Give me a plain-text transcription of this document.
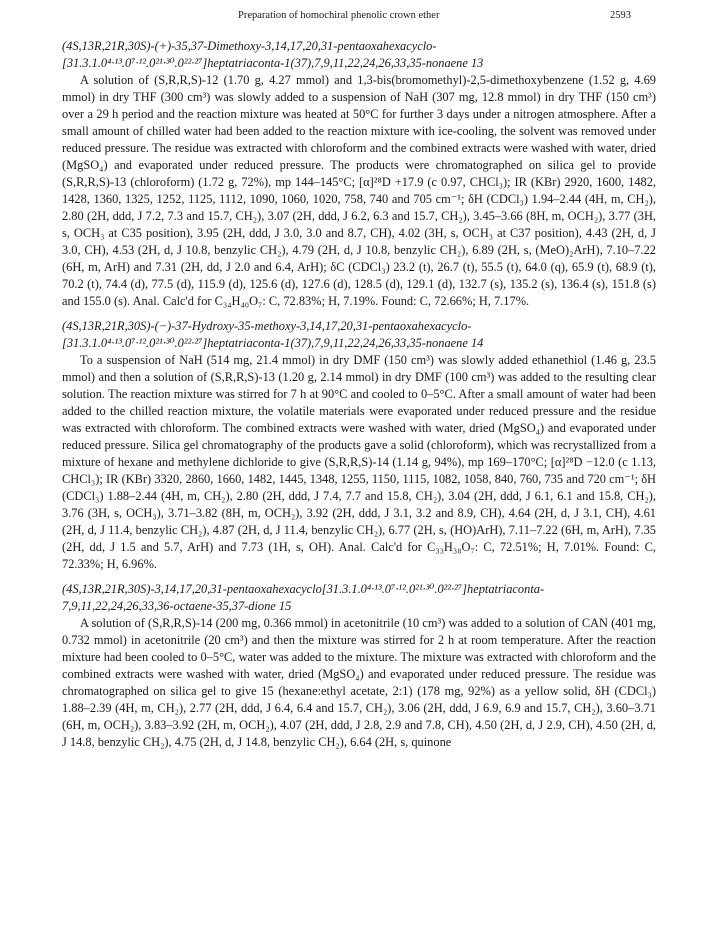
Preparation of homochiral phenolic crown ether	2593

(4S,13R,21R,30S)-(+)-35,37-Dimethoxy-3,14,17,20,31-pentaoxahexacyclo-

[31.3.1.0⁴·¹³.0⁷·¹².0²¹·³⁰.0²²·²⁷]heptatriaconta-1(37),7,9,11,22,24,26,33,35-nonaene 13

A solution of (S,R,R,S)-12 (1.70 g, 4.27 mmol) and 1,3-bis(bromomethyl)-2,5-dimethoxybenzene (1.52 g, 4.69 mmol) in dry THF (300 cm³) was slowly added to a suspension of NaH (307 mg, 12.8 mmol) in dry THF (150 cm³) over a 29 h period and the reaction mixture was heated at 50°C for further 3 days under a nitrogen atmosphere. After a small amount of chilled water had been added to the reaction mixture with ice-cooling, the solvent was removed under reduced pressure. The residue was extracted with chloroform and the combined extracts were washed with water, dried (MgSO₄) and evaporated under reduced pressure. The products were chromatographed on silica gel to provide (S,R,R,S)-13 (chloroform) (1.72 g, 72%), mp 144–145°C; [α]²⁸D +17.9 (c 0.97, CHCl₃); IR (KBr) 2920, 1600, 1482, 1428, 1360, 1325, 1252, 1125, 1112, 1090, 1060, 1020, 758, 740 and 705 cm⁻¹; δH (CDCl₃) 1.94–2.44 (4H, m, CH₂), 2.80 (2H, ddd, J 7.2, 7.3 and 15.7, CH₂), 3.07 (2H, ddd, J 6.2, 6.3 and 15.7, CH₂), 3.45–3.66 (8H, m, OCH₂), 3.77 (3H, s, OCH₃ at C35 position), 3.95 (2H, ddd, J 3.0, 3.0 and 8.7, CH), 4.02 (3H, s, OCH₃ at C37 position), 4.43 (2H, d, J 3.0, CH), 4.53 (2H, d, J 10.8, benzylic CH₂), 4.79 (2H, d, J 10.8, benzylic CH₂), 6.89 (2H, s, (MeO)₂ArH), 7.10–7.22 (6H, m, ArH) and 7.31 (2H, dd, J 2.0 and 6.4, ArH); δC (CDCl₃) 23.2 (t), 26.7 (t), 55.5 (t), 64.0 (q), 65.9 (t), 68.9 (t), 70.2 (t), 74.4 (d), 77.5 (d), 115.9 (d), 125.6 (d), 127.6 (d), 128.5 (d), 129.1 (d), 132.7 (s), 135.2 (s), 136.4 (s), 151.8 (s) and 155.0 (s). Anal. Calc'd for C₃₄H₄₀O₇: C, 72.83%; H, 7.19%. Found: C, 72.66%; H, 7.17%.

(4S,13R,21R,30S)-(−)-37-Hydroxy-35-methoxy-3,14,17,20,31-pentaoxahexacyclo-

[31.3.1.0⁴·¹³.0⁷·¹².0²¹·³⁰.0²²·²⁷]heptatriaconta-1(37),7,9,11,22,24,26,33,35-nonaene 14

To a suspension of NaH (514 mg, 21.4 mmol) in dry DMF (150 cm³) was slowly added ethanethiol (1.46 g, 23.5 mmol) and then a solution of (S,R,R,S)-13 (1.20 g, 2.14 mmol) in dry DMF (100 cm³) was added to the resulting clear solution. The reaction mixture was stirred for 7 h at 90°C and cooled to 0–5°C. After a small amount of water had been added to the chilled reaction mixture, the volatile materials were evaporated under reduced pressure and the residue was extracted with chloroform. The combined extracts were washed with water, dried (MgSO₄) and evaporated under reduced pressure. Silica gel chromatography of the products gave a solid (chloroform), which was recrystallized from a mixture of hexane and methylene dichloride to give (S,R,R,S)-14 (1.14 g, 94%), mp 169–170°C; [α]²⁸D −12.0 (c 1.13, CHCl₃); IR (KBr) 3320, 2860, 1660, 1482, 1445, 1348, 1255, 1150, 1115, 1082, 1058, 840, 760, 735 and 720 cm⁻¹; δH (CDCl₃) 1.88–2.44 (4H, m, CH₂), 2.80 (2H, ddd, J 7.4, 7.7 and 15.8, CH₂), 3.04 (2H, ddd, J 6.1, 6.1 and 15.8, CH₂), 3.76 (3H, s, OCH₃), 3.71–3.82 (8H, m, OCH₂), 3.92 (2H, ddd, J 3.1, 3.2 and 8.9, CH), 4.64 (2H, d, J 3.1, CH), 4.61 (2H, d, J 11.4, benzylic CH₂), 4.87 (2H, d, J 11.4, benzylic CH₂), 6.77 (2H, s, (HO)ArH), 7.11–7.22 (6H, m, ArH), 7.35 (2H, dd, J 1.5 and 5.7, ArH) and 7.73 (1H, s, OH). Anal. Calc'd for C₃₃H₃₈O₇: C, 72.51%; H, 7.01%. Found: C, 72.33%; H, 6.96%.

(4S,13R,21R,30S)-3,14,17,20,31-pentaoxahexacyclo[31.3.1.0⁴·¹³.0⁷·¹².0²¹·³⁰.0²²·²⁷]heptatriaconta-

7,9,11,22,24,26,33,36-octaene-35,37-dione 15

A solution of (S,R,R,S)-14 (200 mg, 0.366 mmol) in acetonitrile (10 cm³) was added to a solution of CAN (401 mg, 0.732 mmol) in acetonitrile (20 cm³) and then the mixture was stirred for 2 h at room temperature. After the reaction mixture had been cooled to 0–5°C, water was added to the mixture. The mixture was extracted with chloroform and the combined extracts were washed with water, dried (MgSO₄) and evaporated under reduced pressure. The residue was chromatographed on silica gel to give 15 (hexane:ethyl acetate, 2:1) (178 mg, 92%) as a yellow solid, δH (CDCl₃) 1.88–2.39 (4H, m, CH₂), 2.77 (2H, ddd, J 6.4, 6.4 and 15.7, CH₂), 3.06 (2H, ddd, J 6.9, 6.9 and 15.7, CH₂), 3.60–3.71 (6H, m, OCH₂), 3.83–3.92 (2H, m, OCH₂), 4.07 (2H, ddd, J 2.8, 2.9 and 7.8, CH), 4.50 (2H, d, J 2.9, CH), 4.50 (2H, d, J 14.8, benzylic CH₂), 4.75 (2H, d, J 14.8, benzylic CH₂), 6.64 (2H, s, quinone
